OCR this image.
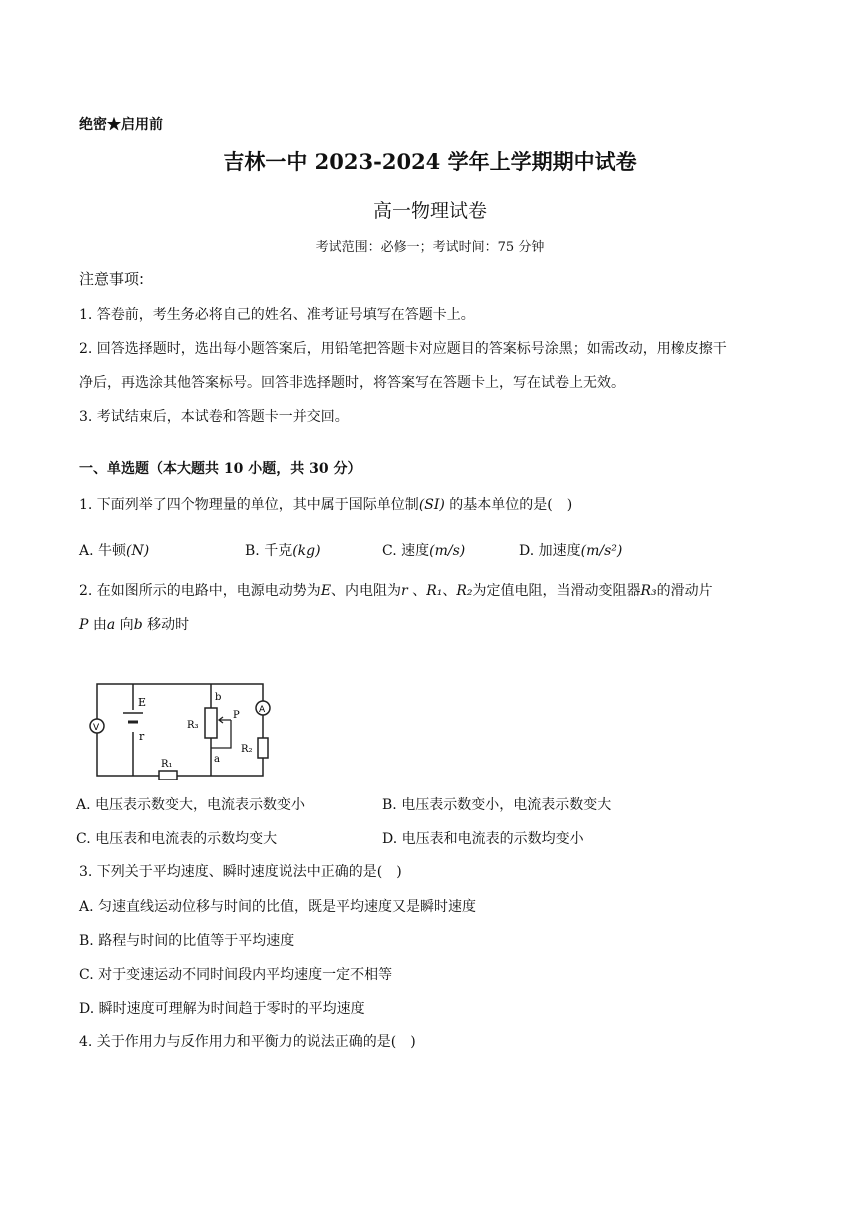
绝密★启用前
吉林一中 2023-2024 学年上学期期中试卷
高一物理试卷
考试范围：必修一；考试时间：75 分钟
注意事项:
1. 答卷前，考生务必将自己的姓名、准考证号填写在答题卡上。
2. 回答选择题时，选出每小题答案后，用铅笔把答题卡对应题目的答案标号涂黑；如需改动，用橡皮擦干
净后，再选涂其他答案标号。回答非选择题时，将答案写在答题卡上，写在试卷上无效。
3. 考试结束后，本试卷和答题卡一并交回。
一、单选题（本大题共 10 小题，共 30 分）
1. 下面列举了四个物理量的单位，其中属于国际单位制(SI) 的基本单位的是(　)
A. 牛顿(N)	B. 千克(kg)	C. 速度(m/s)	D. 加速度(m/s²)
2. 在如图所示的电路中，电源电动势为E、内电阻为r 、R₁、R₂为定值电阻，当滑动变阻器R₃的滑动片
P 由a 向b 移动时
E
r
V
A
R₂
R₁
R₃
P
b
a
A. 电压表示数变大，电流表示数变小	B. 电压表示数变小，电流表示数变大
C. 电压表和电流表的示数均变大	D. 电压表和电流表的示数均变小
3. 下列关于平均速度、瞬时速度说法中正确的是(　)
A. 匀速直线运动位移与时间的比值，既是平均速度又是瞬时速度
B. 路程与时间的比值等于平均速度
C. 对于变速运动不同时间段内平均速度一定不相等
D. 瞬时速度可理解为时间趋于零时的平均速度
4. 关于作用力与反作用力和平衡力的说法正确的是(　)
